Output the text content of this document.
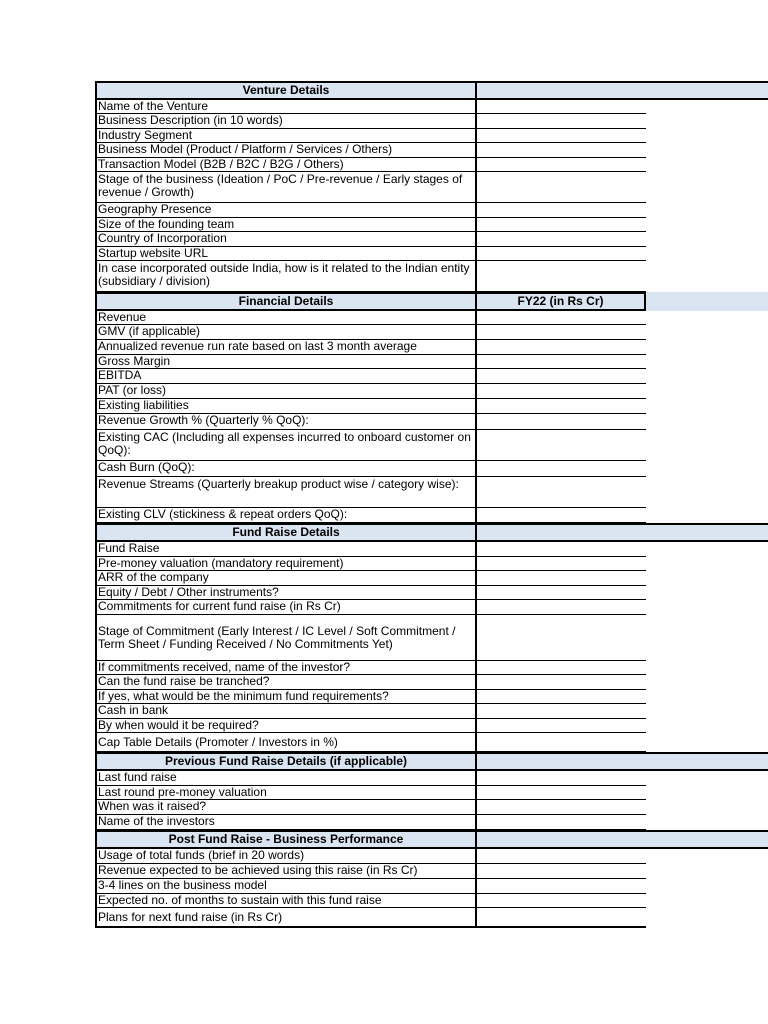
Venture Details
Name of the Venture
Business Description (in 10 words)
Industry Segment
Business Model (Product / Platform / Services / Others)
Transaction Model (B2B / B2C / B2G / Others)
Stage of the business (Ideation / PoC / Pre-revenue / Early stages of revenue / Growth)
Geography Presence
Size of the founding team
Country of Incorporation
Startup website URL
In case incorporated outside India, how is it related to the Indian entity (subsidiary / division)
Financial Details	FY22 (in Rs Cr)
Revenue
GMV (if applicable)
Annualized revenue run rate based on last 3 month average
Gross Margin
EBITDA
PAT (or loss)
Existing liabilities
Revenue Growth % (Quarterly % QoQ):
Existing CAC (Including all expenses incurred to onboard customer on QoQ):
Cash Burn (QoQ):
Revenue Streams (Quarterly breakup product wise / category wise):
Existing CLV (stickiness & repeat orders QoQ):
Fund Raise Details
Fund Raise
Pre-money valuation (mandatory requirement)
ARR of the company
Equity / Debt / Other instruments?
Commitments for current fund raise (in Rs Cr)
Stage of Commitment (Early Interest / IC Level / Soft Commitment / Term Sheet / Funding Received / No Commitments Yet)
If commitments received, name of the investor?
Can the fund raise be tranched?
If yes, what would be the minimum fund requirements?
Cash in bank
By when would it be required?
Cap Table Details (Promoter / Investors in %)
Previous Fund Raise Details (if applicable)
Last fund raise
Last round pre-money valuation
When was it raised?
Name of the investors
Post Fund Raise - Business Performance
Usage of total funds (brief in 20 words)
Revenue expected to be achieved using this raise (in Rs Cr)
3-4 lines on the business model
Expected no. of months to sustain with this fund raise
Plans for next fund raise (in Rs Cr)
